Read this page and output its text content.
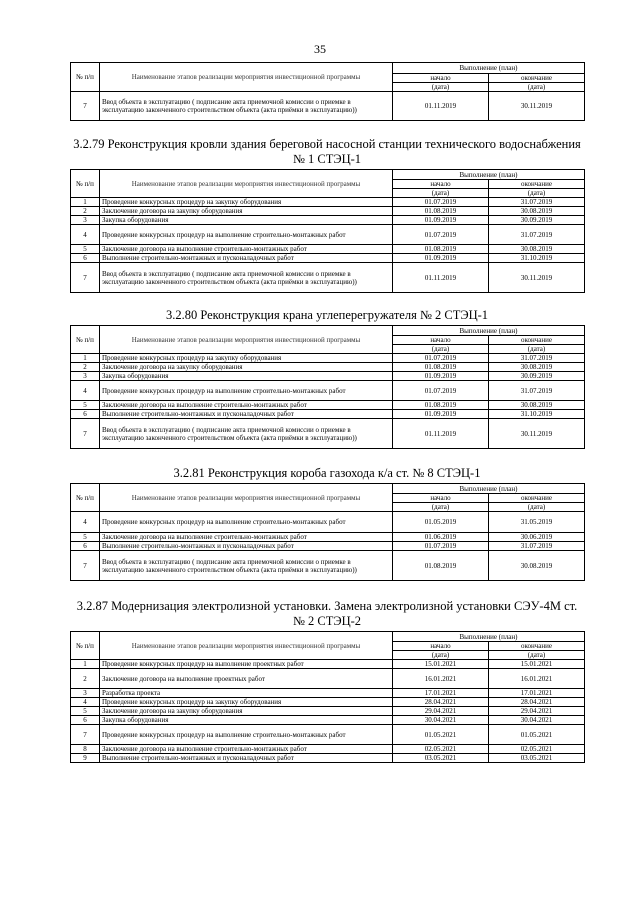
35
№ п/п	Наименование этапов реализации мероприятия инвестиционной программы	Выполнение (план)	
		начало	окончание
		(дата)	(дата)
7	Ввод объекта в эксплуатацию ( подписание акта приемочной комиссии о приемке в эксплуатацию законченного строительством объекта (акта приёмки в эксплуатацию))	01.11.2019	30.11.2019
3.2.79 Реконструкция кровли здания береговой насосной станции технического водоснабжения № 1 СТЭЦ-1
№ п/п	Наименование этапов реализации мероприятия инвестиционной программы	Выполнение (план)	
		начало	окончание
		(дата)	(дата)
1	Проведение конкурсных процедур на закупку оборудования	01.07.2019	31.07.2019
2	Заключение договора на закупку оборудования	01.08.2019	30.08.2019
3	Закупка оборудования	01.09.2019	30.09.2019
4	Проведение конкурсных процедур на выполнение строительно-монтажных работ	01.07.2019	31.07.2019
5	Заключение договора на выполнение строительно-монтажных работ	01.08.2019	30.08.2019
6	Выполнение строительно-монтажных и пусконаладочных работ	01.09.2019	31.10.2019
7	Ввод объекта в эксплуатацию ( подписание акта приемочной комиссии о приемке в эксплуатацию законченного строительством объекта (акта приёмки в эксплуатацию))	01.11.2019	30.11.2019
3.2.80 Реконструкция крана углеперегружателя № 2 СТЭЦ-1
№ п/п	Наименование этапов реализации мероприятия инвестиционной программы	Выполнение (план)	
		начало	окончание
		(дата)	(дата)
1	Проведение конкурсных процедур на закупку оборудования	01.07.2019	31.07.2019
2	Заключение договора на закупку оборудования	01.08.2019	30.08.2019
3	Закупка оборудования	01.09.2019	30.09.2019
4	Проведение конкурсных процедур на выполнение строительно-монтажных работ	01.07.2019	31.07.2019
5	Заключение договора на выполнение строительно-монтажных работ	01.08.2019	30.08.2019
6	Выполнение строительно-монтажных и пусконаладочных работ	01.09.2019	31.10.2019
7	Ввод объекта в эксплуатацию ( подписание акта приемочной комиссии о приемке в эксплуатацию законченного строительством объекта (акта приёмки в эксплуатацию))	01.11.2019	30.11.2019
3.2.81 Реконструкция короба газохода к/а ст. № 8 СТЭЦ-1
№ п/п	Наименование этапов реализации мероприятия инвестиционной программы	Выполнение (план)	
		начало	окончание
		(дата)	(дата)
4	Проведение конкурсных процедур на выполнение строительно-монтажных работ	01.05.2019	31.05.2019
5	Заключение договора на выполнение строительно-монтажных работ	01.06.2019	30.06.2019
6	Выполнение строительно-монтажных и пусконаладочных работ	01.07.2019	31.07.2019
7	Ввод объекта в эксплуатацию ( подписание акта приемочной комиссии о приемке в эксплуатацию законченного строительством объекта (акта приёмки в эксплуатацию))	01.08.2019	30.08.2019
3.2.87 Модернизация электролизной установки. Замена электролизной установки СЭУ-4М ст. № 2 СТЭЦ-2
№ п/п	Наименование этапов реализации мероприятия инвестиционной программы	Выполнение (план)	
		начало	окончание
		(дата)	(дата)
1	Проведение конкурсных процедур на выполнение проектных работ	15.01.2021	15.01.2021
2	Заключение договора на выполнение проектных работ	16.01.2021	16.01.2021
3	Разработка проекта	17.01.2021	17.01.2021
4	Проведение конкурсных процедур на закупку оборудования	28.04.2021	28.04.2021
5	Заключение договора на закупку оборудования	29.04.2021	29.04.2021
6	Закупка оборудования	30.04.2021	30.04.2021
7	Проведение конкурсных процедур на выполнение строительно-монтажных работ	01.05.2021	01.05.2021
8	Заключение договора на выполнение строительно-монтажных работ	02.05.2021	02.05.2021
9	Выполнение строительно-монтажных и пусконаладочных работ	03.05.2021	03.05.2021
